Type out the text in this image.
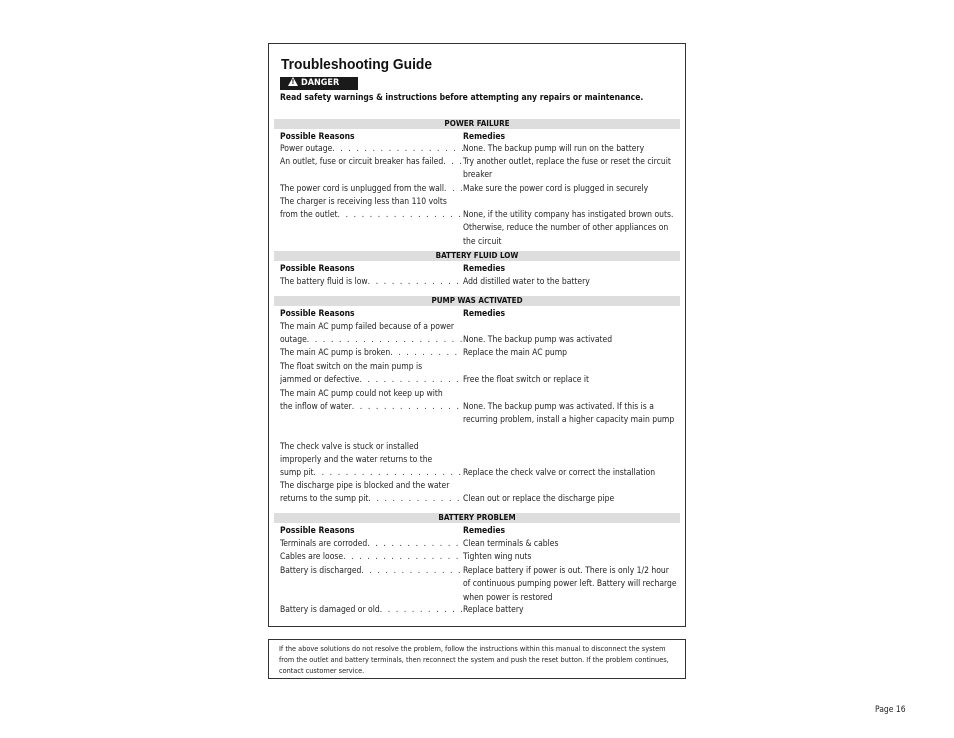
Troubleshooting Guide
!DANGER
Read safety warnings & instructions before attempting any repairs or maintenance.
POWER FAILURE
Possible Reasons	Remedies
Power outage . . .	None. The backup pump will run on the battery
An outlet, fuse or circuit breaker has failed . . . Try another outlet, replace the fuse or reset the circuit breaker
The power cord is unplugged from the wall . . . Make sure the power cord is plugged in securely
The charger is receiving less than 110 volts
from the outlet . . .	None, if the utility company has instigated brown outs. Otherwise, reduce the number of other appliances on the circuit
BATTERY FLUID LOW
Possible Reasons	Remedies
The battery fluid is low . . .	Add distilled water to the battery
PUMP WAS ACTIVATED
Possible Reasons	Remedies
The main AC pump failed because of a power
outage . . .	None. The backup pump was activated
The main AC pump is broken . . .	Replace the main AC pump
The float switch on the main pump is
jammed or defective . . .	Free the float switch or replace it
The main AC pump could not keep up with
the inflow of water . . .	None. The backup pump was activated. If this is a recurring problem, install a higher capacity main pump
The check valve is stuck or installed
improperly and the water returns to the
sump pit . . .	Replace the check valve or correct the installation
The discharge pipe is blocked and the water
returns to the sump pit . . .	Clean out or replace the discharge pipe
BATTERY PROBLEM
Possible Reasons	Remedies
Terminals are corroded . . .	Clean terminals & cables
Cables are loose . . .	Tighten wing nuts
Battery is discharged . . .	Replace battery if power is out. There is only 1/2 hour of continuous pumping power left. Battery will recharge when power is restored
Battery is damaged or old . . .	Replace battery
If the above solutions do not resolve the problem, follow the instructions within this manual to disconnect the system from the outlet and battery terminals, then reconnect the system and push the reset button. If the problem continues, contact customer service.
Page 16
